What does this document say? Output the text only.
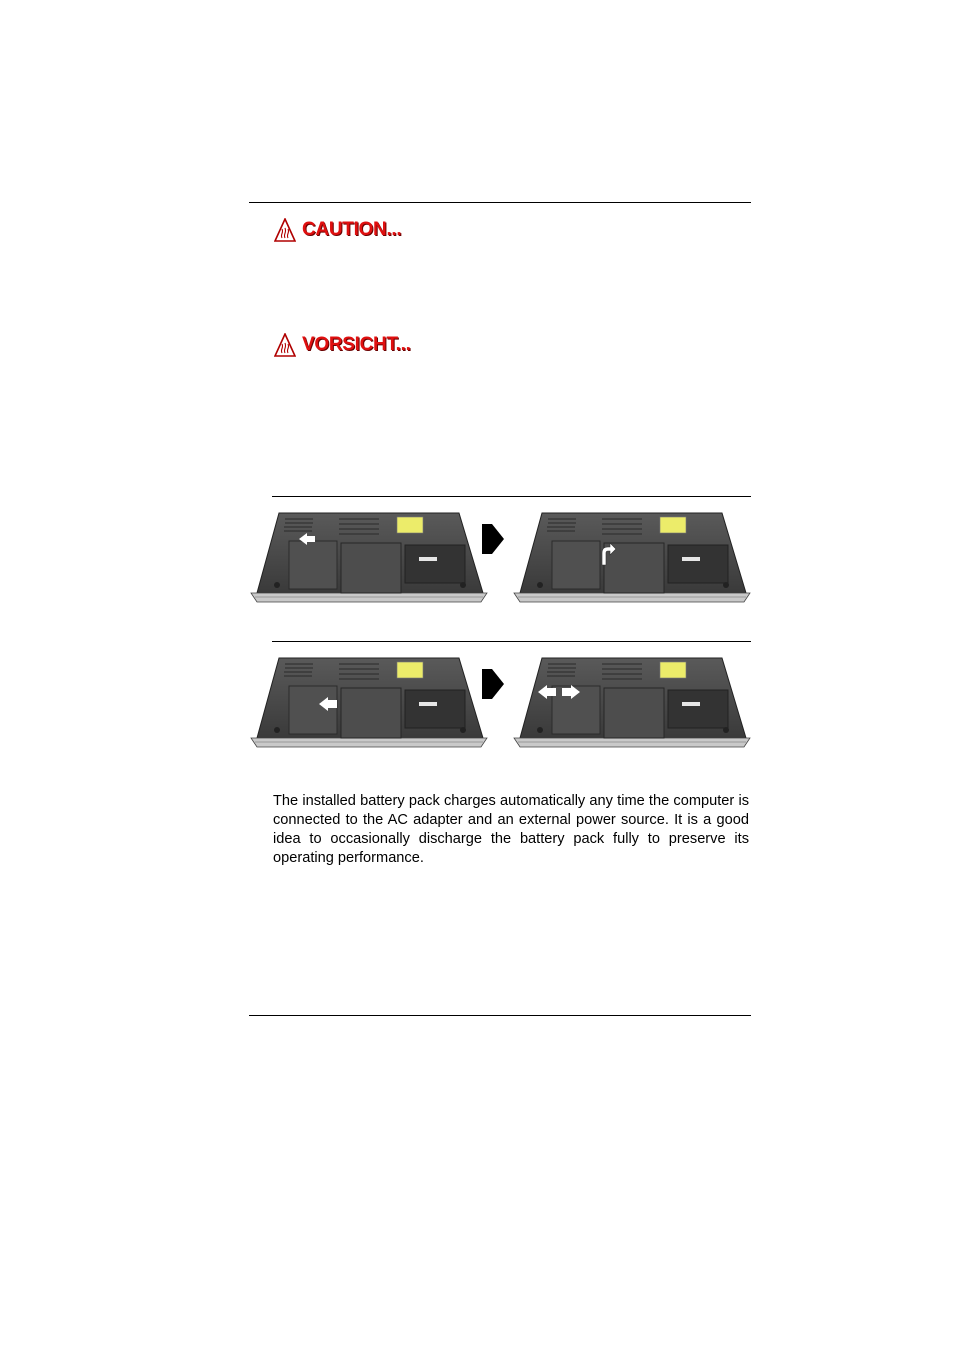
CAUTION...
VORSICHT...

The installed battery pack charges automatically any time the computer is connected to the AC adapter and an external power source. It is a good idea to occasionally discharge the battery pack fully to preserve its operating performance.
